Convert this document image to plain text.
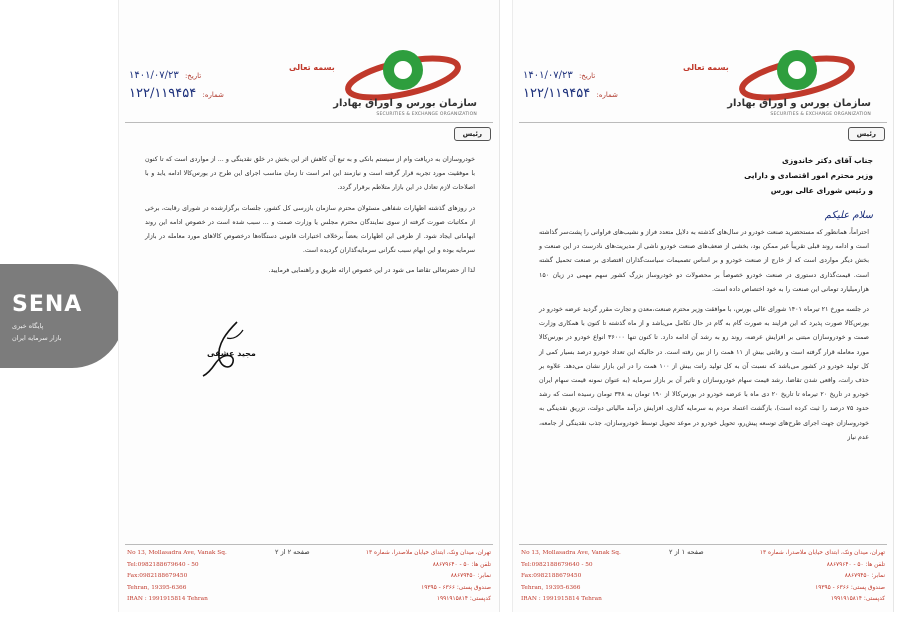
SENA
پایگاه خبری
بازار سرمایه ایران
سازمان بورس و اوراق بهادار
SECURITIES & EXCHANGE ORGANIZATION
بسمه تعالی
تاریخ: ۱۴۰۱/۰۷/۲۳
شماره: ۱۲۲/۱۱۹۴۵۴
رئیس

خودروسازان به دریافت وام از سیستم بانکی و به تبع آن کاهش اثر این بخش در خلق نقدینگی و ... از مواردی است که تا کنون با موفقیت مورد تجربه قرار گرفته است و نیازمند این امر است تا زمان مناسب اجرای این طرح در بورس‌کالا ادامه یابد و با اصلاحات لازم تعادل در این بازار متلاطم برقرار گردد.

در روزهای گذشته اظهارات شفاهی مسئولان محترم سازمان بازرسی کل کشور، جلسات برگزارشده در شورای رقابت، برخی از مکاتبات صورت گرفته از سوی نمایندگان محترم مجلس یا وزارت صمت و ... سبب شده است در خصوص ادامه این روند ابهاماتی ایجاد شود. از طرفی این اظهارات بعضاً برخلاف اختیارات قانونی دستگاه‌ها درخصوص کالاهای مورد معامله در بازار سرمایه بوده و این ابهام سبب نگرانی سرمایه‌گذاران گردیده است.

لذا از حضرتعالی تقاضا می شود در این خصوص ارائه طریق و راهنمایی فرمایید.

مجید عشقی
No 13, Mollasadra Ave, Vanak Sq.
Tel:0982188679640 - 50
Fax:0982188679450
Tehran, 19395-6366
IRAN : 1991915814 Tehran
صفحه ۲ از ۲	تهران، میدان ونک، ابتدای خیابان ملاصدرا، شماره ۱۳
تلفن ها: ۵۰ - ۸۸۶۷۹۶۴۰
نمابر: ۸۸۶۷۹۴۵۰
صندوق پستی: ۶۳۶۶ - ۱۹۳۹۵
کدپستی: ۱۹۹۱۹۱۵۸۱۴
سازمان بورس و اوراق بهادار
SECURITIES & EXCHANGE ORGANIZATION
بسمه تعالی
تاریخ: ۱۴۰۱/۰۷/۲۳
شماره: ۱۲۲/۱۱۹۴۵۴
رئیس
جناب آقای دکتر خاندوزی
وزیر محترم امور اقتصادی و دارایی
و رئیس شورای عالی بورس
سلام علیکم

احتراماً، همانطور که مستحضرید صنعت خودرو در سال‌های گذشته به دلایل متعدد فراز و نشیب‌های فراوانی را پشت‌سر گذاشته است و ادامه روند قبلی تقریباً غیر ممکن بود، بخشی از ضعف‌های صنعت خودرو ناشی از مدیریت‌های نادرست در این صنعت و بخش دیگر مواردی است که از خارج از صنعت خودرو و بر اساس تصمیمات سیاست‌گذاران اقتصادی بر صنعت تحمیل گشته است. قیمت‌گذاری دستوری در صنعت خودرو خصوصاً بر محصولات دو خودروساز بزرگ کشور سهم مهمی در زیان ۱۵۰ هزارمیلیارد تومانی این صنعت را به خود اختصاص داده است.

در جلسه مورخ ۲۱ تیرماه ۱۴۰۱ شورای عالی بورس، با موافقت وزیر محترم صنعت،معدن و تجارت مقرر گردید عرضه خودرو در بورس‌کالا صورت پذیرد که این فرایند به صورت گام به گام در حال تکامل می‌باشد و از ماه گذشته تا کنون با همکاری وزارت صمت و خودروسازان مبتنی بر افزایش عرضه، روند رو به رشد آن ادامه دارد. تا کنون تنها ۳۶۰۰۰ انواع خودرو در بورس‌کالا مورد معامله قرار گرفته است و رقابتی بیش از ۱۱ همت را از بین رفته است. در حالیکه این تعداد خودرو درصد بسیار کمی از کل تولید خودرو در کشور می‌باشد که نسبت آن به کل تولید رانت بیش از ۱۰۰ همت را در این بازار نشان می‌دهد. علاوه بر حذف رانت، واقعی شدن تقاضا، رشد قیمت سهام خودروسازان و تاثیر آن بر بازار سرمایه (به عنوان نمونه قیمت سهام ایران خودرو در تاریخ ۲۰ تیرماه تا تاریخ ۲۰ دی ماه با عرضه خودرو در بورس‌کالا از ۱۹۰ تومان به ۳۴۸ تومان رسیده است که رشد حدود ۷۵ درصد را ثبت کرده است)، بازگشت اعتماد مردم به سرمایه گذاری، افزایش درآمد مالیاتی دولت، تزریق نقدینگی به خودروسازان جهت اجرای طرح‌های توسعه پیش‌رو، تحویل خودرو در موعد تحویل توسط خودروسازان، جذب نقدینگی از جامعه، عدم نیاز

No 13, Mollasadra Ave, Vanak Sq.
Tel:0982188679640 - 50
Fax:0982188679450
Tehran, 19395-6366
IRAN : 1991915814 Tehran
صفحه ۱ از ۲	تهران، میدان ونک، ابتدای خیابان ملاصدرا، شماره ۱۳
تلفن ها: ۵۰ - ۸۸۶۷۹۶۴۰
نمابر: ۸۸۶۷۹۴۵۰
صندوق پستی: ۶۳۶۶ - ۱۹۳۹۵
کدپستی: ۱۹۹۱۹۱۵۸۱۴
